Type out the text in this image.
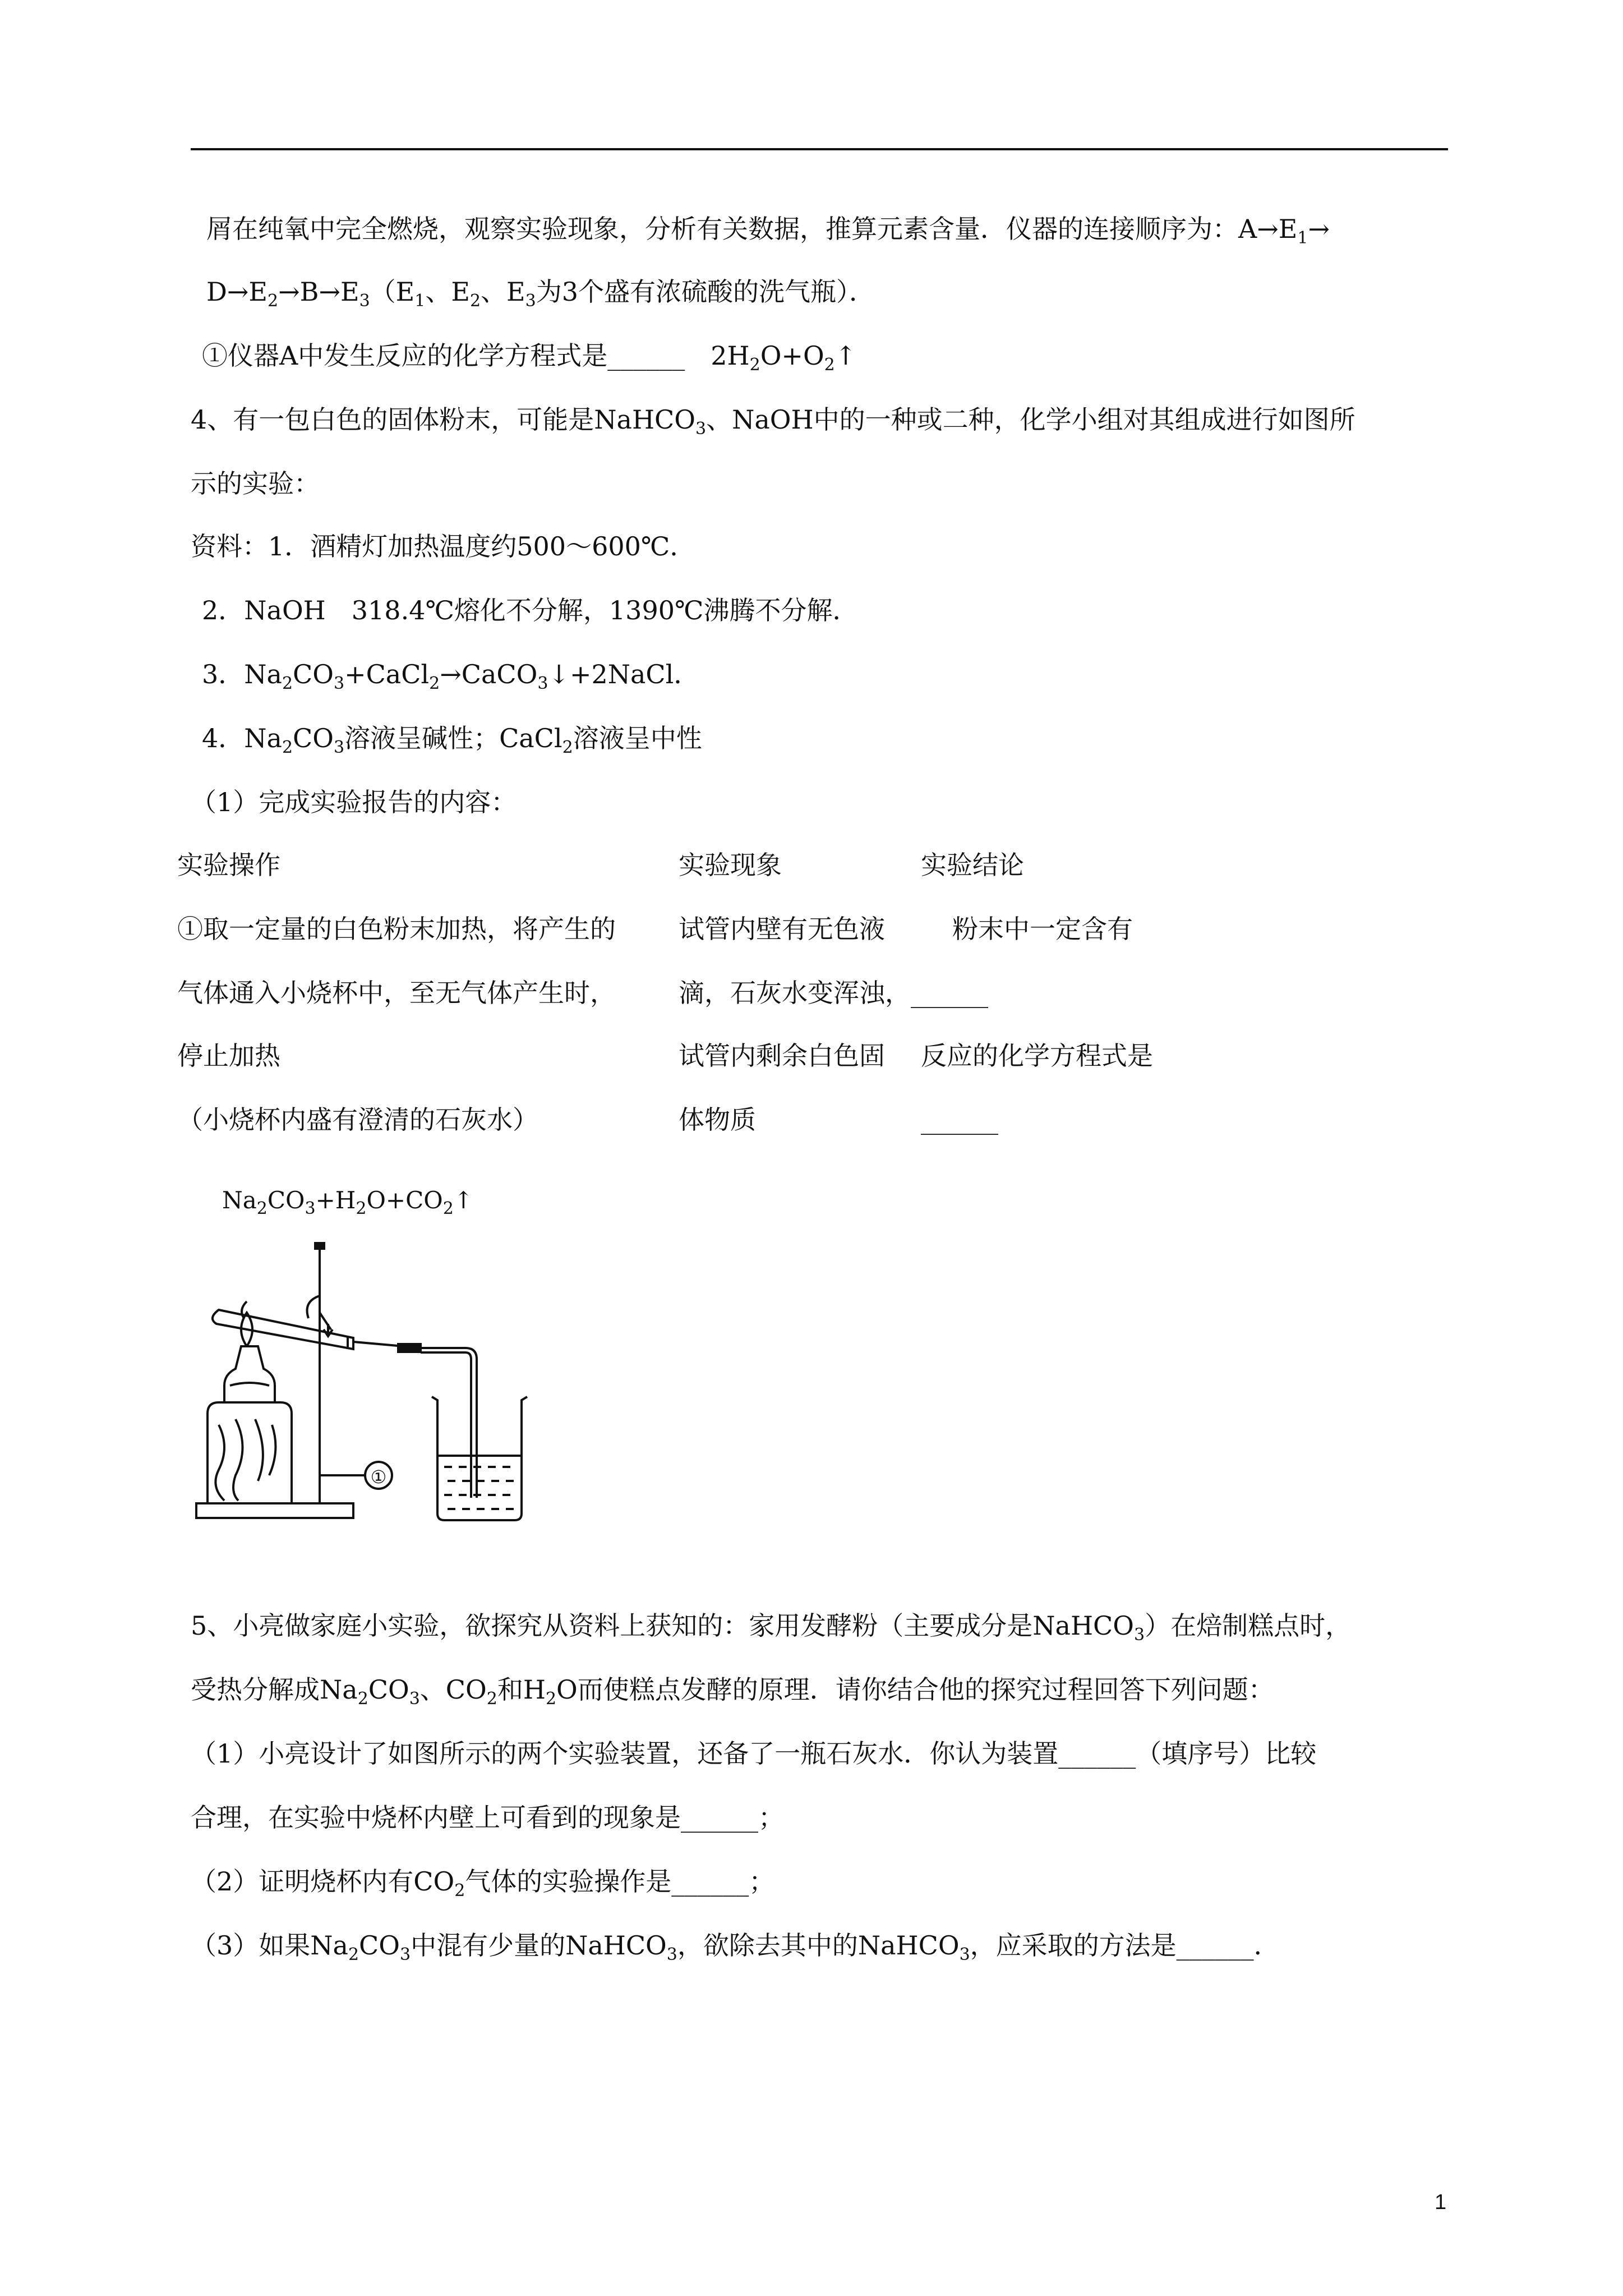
屑在纯氧中完全燃烧，观察实验现象，分析有关数据，推算元素含量．仪器的连接顺序为：$A\to E_1\to$
$D\to E_2\to B\to E_3(E_1$、$E_2$、$E_3$为3个盛有浓硫酸的洗气瓶）．
①仪器A中发生反应的化学方程式是______　$2H_2O+O_2↑$
4、有一包白色的固体粉末，可能是NaHCO$_3$、NaOH中的一种或二种，化学小组对其组成进行如图所
示的实验：
资料：1．酒精灯加热温度约500～600℃．
2．NaOH　318.4℃熔化不分解，1390℃沸腾不分解．
3．$Na_2CO_3+CaCl_2\to CaCO_3↓+2NaCl$．
4．$Na_2CO_3$溶液呈碱性；CaCl$_2$溶液呈中性
（1）完成实验报告的内容：
实验操作	实验现象	实验结论
①取一定量的白色粉末加热，将产生的
气体通入小烧杯中，至无气体产生时，
停止加热
（小烧杯内盛有澄清的石灰水）
试管内壁有无色液
滴，石灰水变浑浊，______
试管内剩余白色固
体物质
粉末中一定含有
反应的化学方程式是
______
$Na_2CO_3+H_2O+CO_2↑$
①
5、小亮做家庭小实验，欲探究从资料上获知的：家用发酵粉（主要成分是NaHCO$_3$）在焙制糕点时，
受热分解成$Na_2CO_3$、$CO_2$和$H_2O$而使糕点发酵的原理．请你结合他的探究过程回答下列问题：
（1）小亮设计了如图所示的两个实验装置，还备了一瓶石灰水．你认为装置______（填序号）比较
合理，在实验中烧杯内壁上可看到的现象是______；
（2）证明烧杯内有$CO_2$气体的实验操作是______；
（3）如果$Na_2CO_3$中混有少量的NaHCO$_3$，欲除去其中的NaHCO$_3$，应采取的方法是______．
1
